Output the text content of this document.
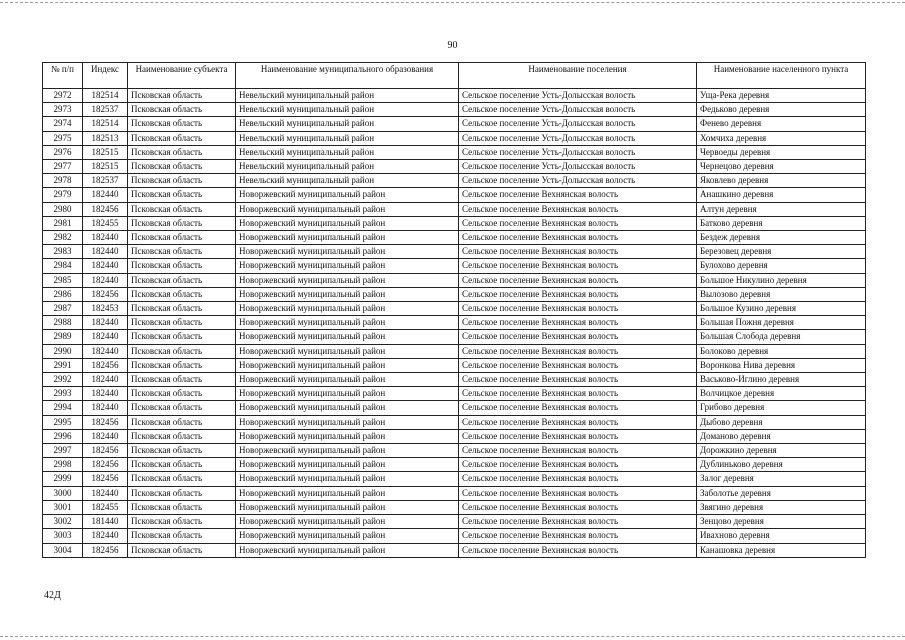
90
№ п/п	Индекс	Наименование субъекта	Наименование муниципального образования	Наименование поселения	Наименование населенного пункта
2972	182514	Псковская область	Невельский муниципальный район	Сельское поселение Усть-Долысская волость	Уща-Река деревня
2973	182537	Псковская область	Невельский муниципальный район	Сельское поселение Усть-Долысская волость	Федьково деревня
2974	182514	Псковская область	Невельский муниципальный район	Сельское поселение Усть-Долысская волость	Фенево деревня
2975	182513	Псковская область	Невельский муниципальный район	Сельское поселение Усть-Долысская волость	Хомчиха деревня
2976	182515	Псковская область	Невельский муниципальный район	Сельское поселение Усть-Долысская волость	Червоеды деревня
2977	182515	Псковская область	Невельский муниципальный район	Сельское поселение Усть-Долысская волость	Чернецово деревня
2978	182537	Псковская область	Невельский муниципальный район	Сельское поселение Усть-Долысская волость	Яковлево деревня
2979	182440	Псковская область	Новоржевский муниципальный район	Сельское поселение Вехнянская волость	Анашкино деревня
2980	182456	Псковская область	Новоржевский муниципальный район	Сельское поселение Вехнянская волость	Алтун деревня
2981	182455	Псковская область	Новоржевский муниципальный район	Сельское поселение Вехнянская волость	Батково деревня
2982	182440	Псковская область	Новоржевский муниципальный район	Сельское поселение Вехнянская волость	Бездеж деревня
2983	182440	Псковская область	Новоржевский муниципальный район	Сельское поселение Вехнянская волость	Березовец деревня
2984	182440	Псковская область	Новоржевский муниципальный район	Сельское поселение Вехнянская волость	Булохово деревня
2985	182440	Псковская область	Новоржевский муниципальный район	Сельское поселение Вехнянская волость	Большое Никулино деревня
2986	182456	Псковская область	Новоржевский муниципальный район	Сельское поселение Вехнянская волость	Вылозово деревня
2987	182453	Псковская область	Новоржевский муниципальный район	Сельское поселение Вехнянская волость	Большое Кузино деревня
2988	182440	Псковская область	Новоржевский муниципальный район	Сельское поселение Вехнянская волость	Большая Пожня деревня
2989	182440	Псковская область	Новоржевский муниципальный район	Сельское поселение Вехнянская волость	Большая Слобода деревня
2990	182440	Псковская область	Новоржевский муниципальный район	Сельское поселение Вехнянская волость	Болоково деревня
2991	182456	Псковская область	Новоржевский муниципальный район	Сельское поселение Вехнянская волость	Воронкова Нива деревня
2992	182440	Псковская область	Новоржевский муниципальный район	Сельское поселение Вехнянская волость	Васьково-Иглино деревня
2993	182440	Псковская область	Новоржевский муниципальный район	Сельское поселение Вехнянская волость	Волчицкое деревня
2994	182440	Псковская область	Новоржевский муниципальный район	Сельское поселение Вехнянская волость	Грибово деревня
2995	182456	Псковская область	Новоржевский муниципальный район	Сельское поселение Вехнянская волость	Дыбово деревня
2996	182440	Псковская область	Новоржевский муниципальный район	Сельское поселение Вехнянская волость	Доманово деревня
2997	182456	Псковская область	Новоржевский муниципальный район	Сельское поселение Вехнянская волость	Дорожкино деревня
2998	182456	Псковская область	Новоржевский муниципальный район	Сельское поселение Вехнянская волость	Дублиньково деревня
2999	182456	Псковская область	Новоржевский муниципальный район	Сельское поселение Вехнянская волость	Залог деревня
3000	182440	Псковская область	Новоржевский муниципальный район	Сельское поселение Вехнянская волость	Заболотье деревня
3001	182455	Псковская область	Новоржевский муниципальный район	Сельское поселение Вехнянская волость	Звягино деревня
3002	181440	Псковская область	Новоржевский муниципальный район	Сельское поселение Вехнянская волость	Зенцово деревня
3003	182440	Псковская область	Новоржевский муниципальный район	Сельское поселение Вехнянская волость	Ивахново деревня
3004	182456	Псковская область	Новоржевский муниципальный район	Сельское поселение Вехнянская волость	Канашовка деревня
42Д
